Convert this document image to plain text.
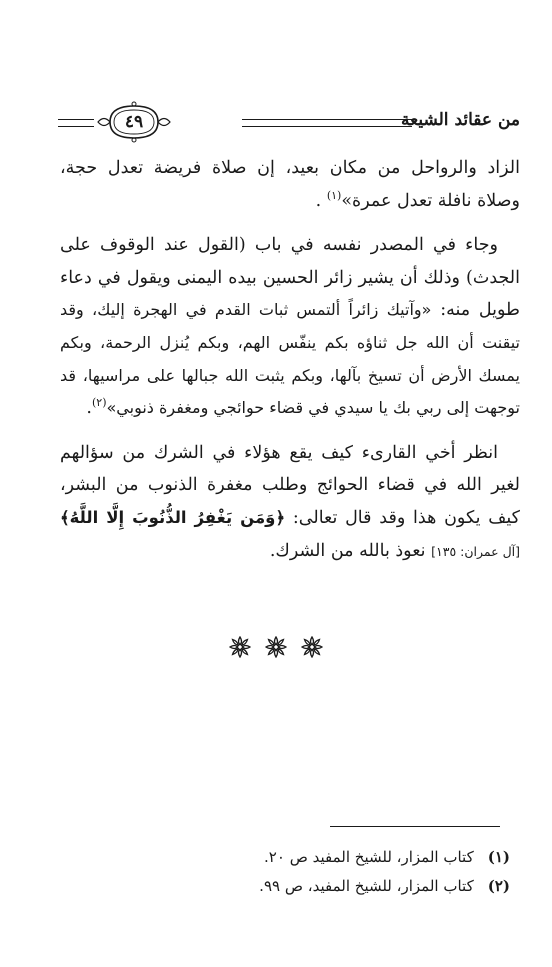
من عقائد الشيعة
٤٩

الزاد والرواحل من مكان بعيد، إن صلاة فريضة تعدل حجة، وصلاة نافلة تعدل عمرة»$^{(١)}$ .

وجاء في المصدر نفسه في باب (القول عند الوقوف على الجدث) وذلك أن يشير زائر الحسين بيده اليمنى ويقول في دعاء طويل منه: «وآتيك زائراً ألتمس ثبات القدم في الهجرة إليك، وقد تيقنت أن الله جل ثناؤه بكم ينفّس الهم، وبكم يُنزل الرحمة، وبكم يمسك الأرض أن تسيخ بآلها، وبكم يثبت الله جبالها على مراسيها، قد توجهت إلى ربي بك يا سيدي في قضاء حوائجي ومغفرة ذنوبي»$^{(٢)}$.

انظر أخي القارىء كيف يقع هؤلاء في الشرك من سؤالهم لغير الله في قضاء الحوائج وطلب مغفرة الذنوب من البشر، كيف يكون هذا وقد قال تعالى: ﴿وَمَن يَغْفِرُ الذُّنُوبَ إِلَّا اللَّهُ﴾ [آل عمران: ١٣٥] نعوذ بالله من الشرك.

(١)كتاب المزار، للشيخ المفيد ص ٢٠.
(٢)كتاب المزار، للشيخ المفيد، ص ٩٩.
